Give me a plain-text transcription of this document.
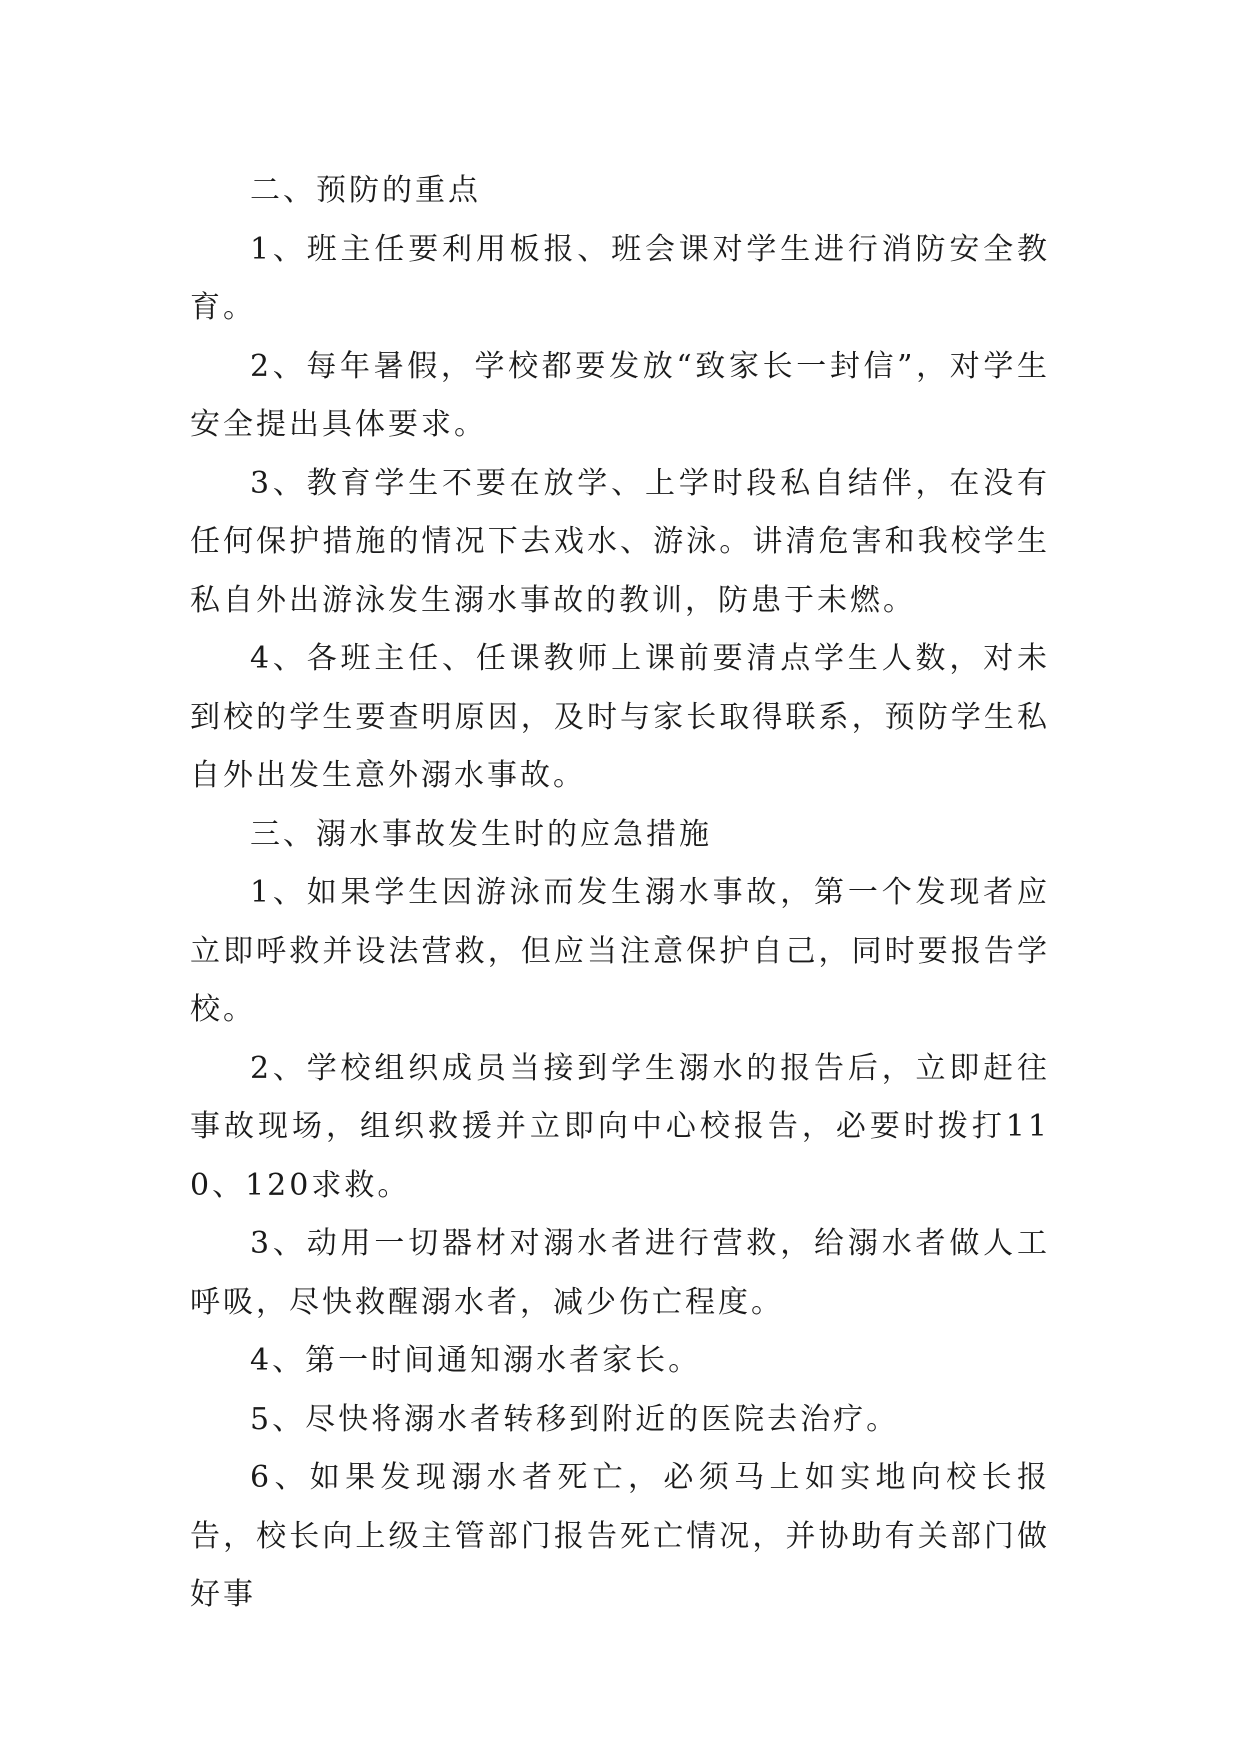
二、预防的重点

1、班主任要利用板报、班会课对学生进行消防安全教育。

2、每年暑假，学校都要发放“致家长一封信”，对学生安全提出具体要求。

3、教育学生不要在放学、上学时段私自结伴，在没有任何保护措施的情况下去戏水、游泳。讲清危害和我校学生私自外出游泳发生溺水事故的教训，防患于未燃。

4、各班主任、任课教师上课前要清点学生人数，对未到校的学生要查明原因，及时与家长取得联系，预防学生私自外出发生意外溺水事故。

三、溺水事故发生时的应急措施

1、如果学生因游泳而发生溺水事故，第一个发现者应立即呼救并设法营救，但应当注意保护自己，同时要报告学校。

2、学校组织成员当接到学生溺水的报告后，立即赶往事故现场，组织救援并立即向中心校报告，必要时拨打110、120求救。

3、动用一切器材对溺水者进行营救，给溺水者做人工呼吸，尽快救醒溺水者，减少伤亡程度。

4、第一时间通知溺水者家长。

5、尽快将溺水者转移到附近的医院去治疗。

6、如果发现溺水者死亡，必须马上如实地向校长报告，校长向上级主管部门报告死亡情况，并协助有关部门做好事
